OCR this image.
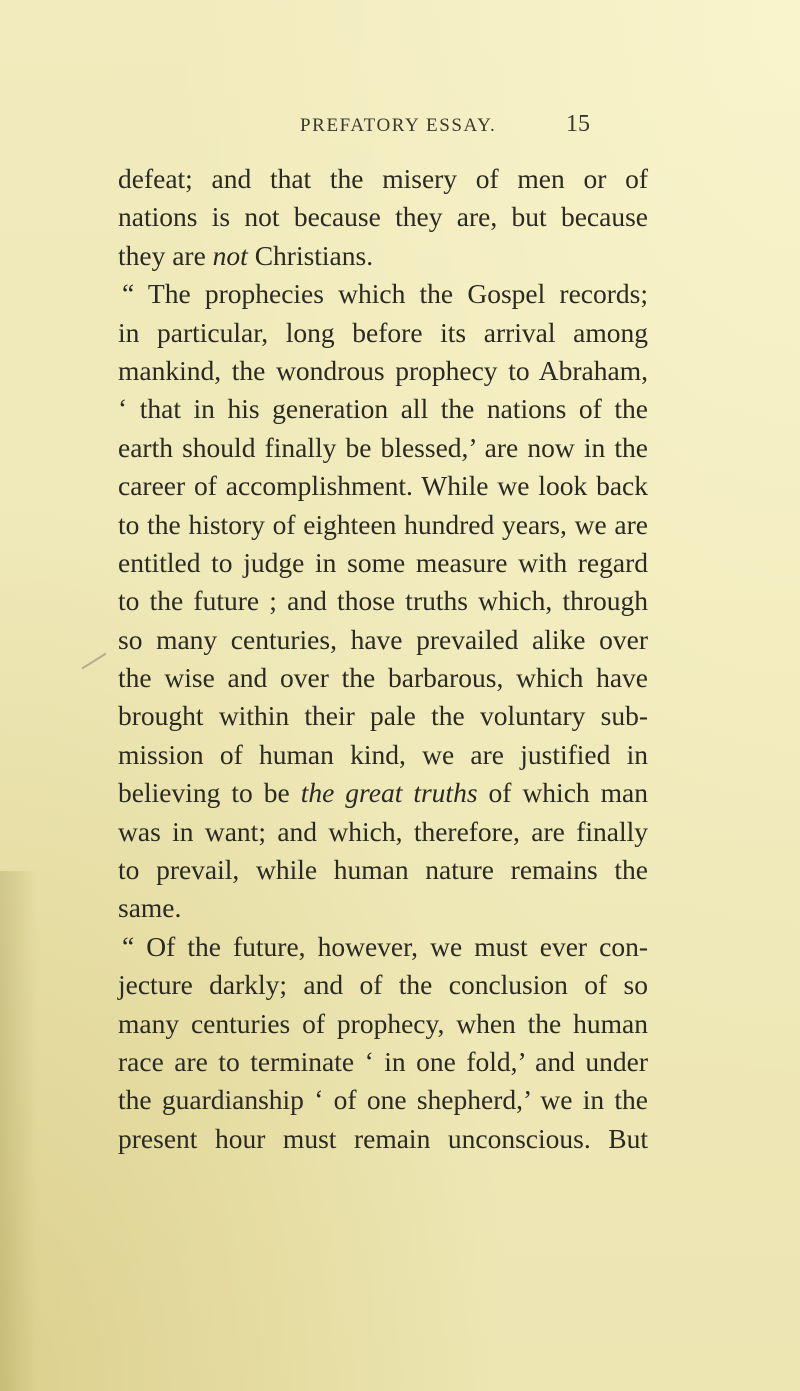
PREFATORY ESSAY.	15
defeat; and that the misery of men or of
nations is not because they are, but because
they are not Christians.
“ The prophecies which the Gospel records;
in particular, long before its arrival among
mankind, the wondrous prophecy to Abraham,
‘ that in his generation all the nations of the
earth should finally be blessed,’ are now in the
career of accomplishment. While we look back
to the history of eighteen hundred years, we are
entitled to judge in some measure with regard
to the future ; and those truths which, through
so many centuries, have prevailed alike over
the wise and over the barbarous, which have
brought within their pale the voluntary sub-
mission of human kind, we are justified in
believing to be the great truths of which man
was in want; and which, therefore, are finally
to prevail, while human nature remains the
same.
“ Of the future, however, we must ever con-
jecture darkly; and of the conclusion of so
many centuries of prophecy, when the human
race are to terminate ‘ in one fold,’ and under
the guardianship ‘ of one shepherd,’ we in the
present hour must remain unconscious. But
